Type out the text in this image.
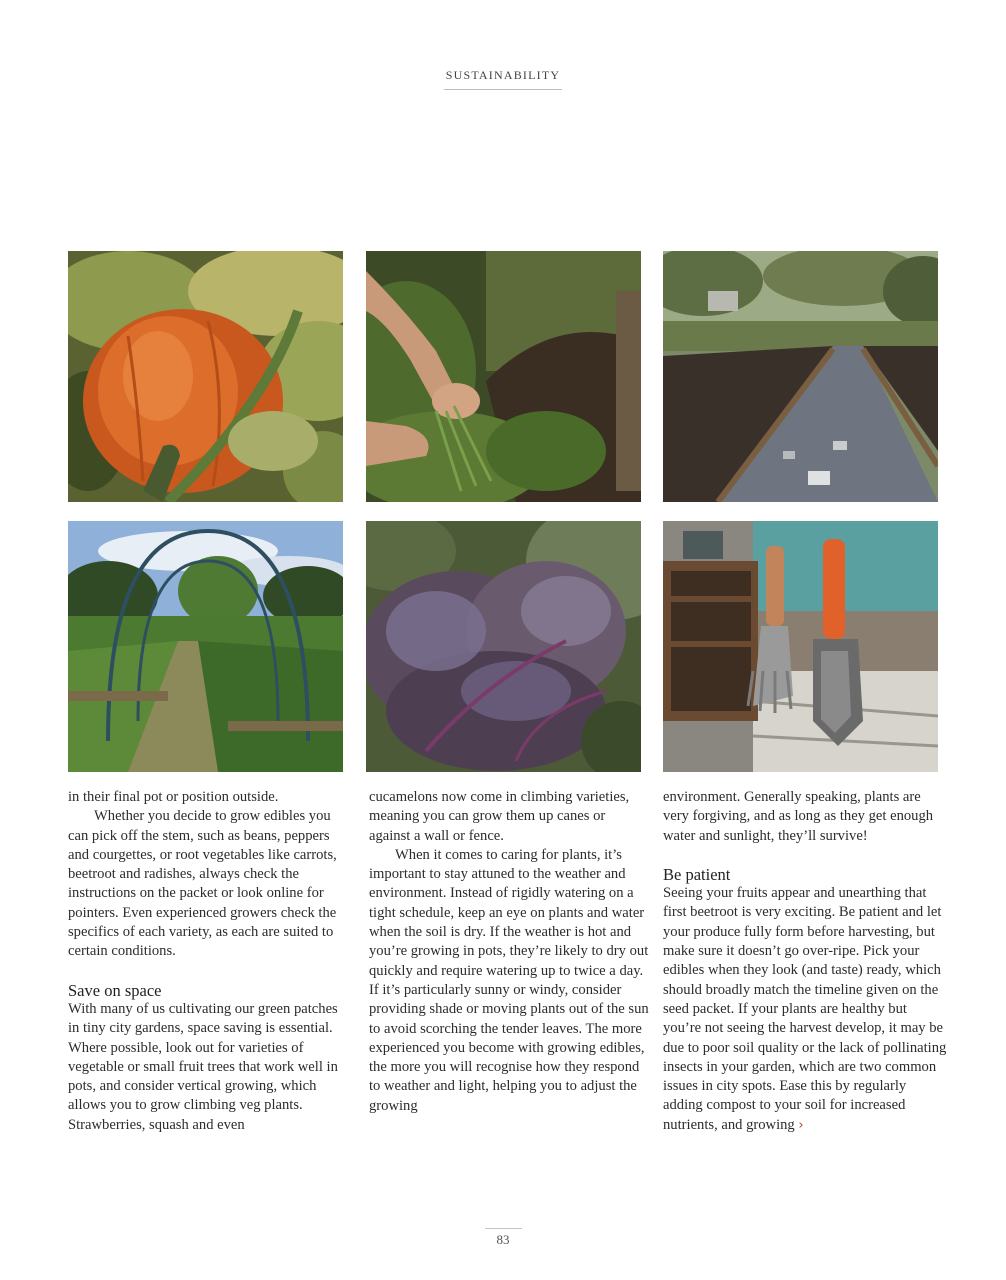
SUSTAINABILITY

in their final pot or position outside.

Whether you decide to grow edibles you can pick off the stem, such as beans, peppers and courgettes, or root vegetables like carrots, beetroot and radishes, always check the instructions on the packet or look online for pointers. Even experienced growers check the specifics of each variety, as each are suited to certain conditions.

Save on space

With many of us cultivating our green patches in tiny city gardens, space saving is essential. Where possible, look out for varieties of vegetable or small fruit trees that work well in pots, and consider vertical growing, which allows you to grow climbing veg plants. Strawberries, squash and even

cucamelons now come in climbing varieties, meaning you can grow them up canes or against a wall or fence.

When it comes to caring for plants, it’s important to stay attuned to the weather and environment. Instead of rigidly watering on a tight schedule, keep an eye on plants and water when the soil is dry. If the weather is hot and you’re growing in pots, they’re likely to dry out quickly and require watering up to twice a day. If it’s particularly sunny or windy, consider providing shade or moving plants out of the sun to avoid scorching the tender leaves. The more experienced you become with growing edibles, the more you will recognise how they respond to weather and light, helping you to adjust the growing

environment. Generally speaking, plants are very forgiving, and as long as they get enough water and sunlight, they’ll survive!

Be patient

Seeing your fruits appear and unearthing that first beetroot is very exciting. Be patient and let your produce fully form before harvesting, but make sure it doesn’t go over-ripe. Pick your edibles when they look (and taste) ready, which should broadly match the timeline given on the seed packet. If your plants are healthy but you’re not seeing the harvest develop, it may be due to poor soil quality or the lack of pollinating insects in your garden, which are two common issues in city spots. Ease this by regularly adding compost to your soil for increased nutrients, and growing ›

83
